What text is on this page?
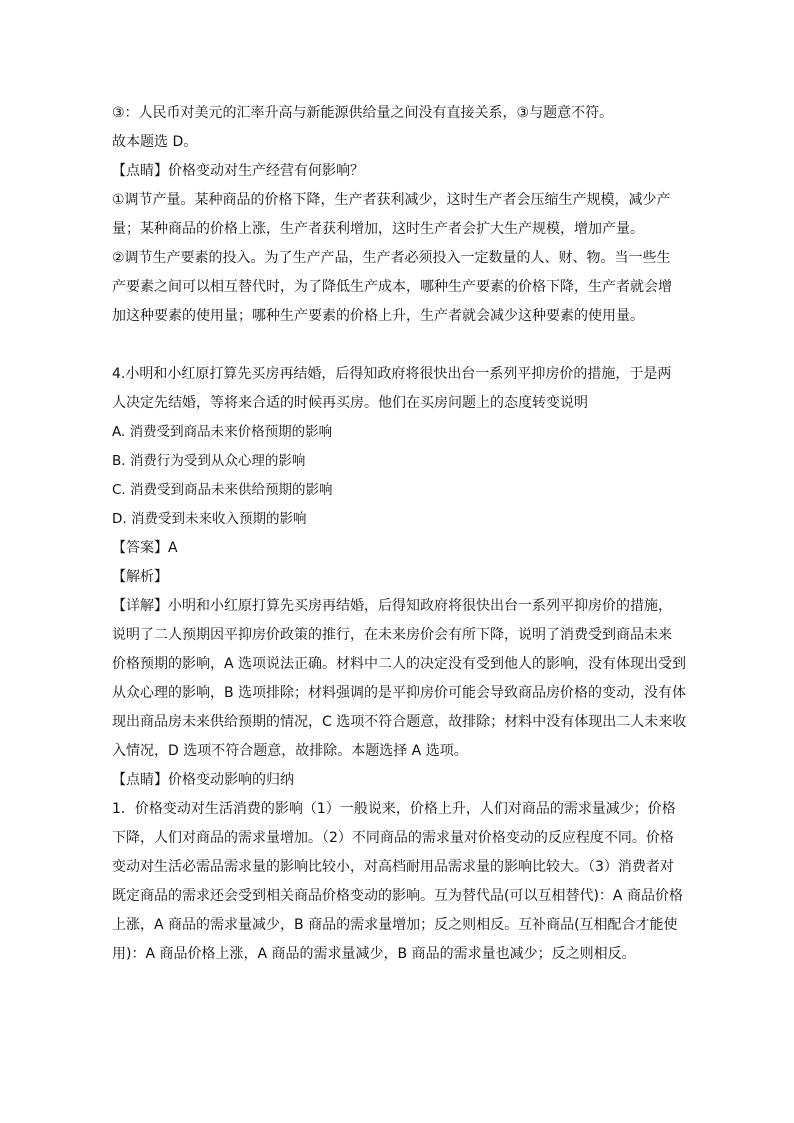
③：人民币对美元的汇率升高与新能源供给量之间没有直接关系，③与题意不符。

故本题选 D。

【点睛】价格变动对生产经营有何影响？

①调节产量。某种商品的价格下降，生产者获利减少，这时生产者会压缩生产规模，减少产

量；某种商品的价格上涨，生产者获利增加，这时生产者会扩大生产规模，增加产量。

②调节生产要素的投入。为了生产产品，生产者必须投入一定数量的人、财、物。当一些生

产要素之间可以相互替代时，为了降低生产成本，哪种生产要素的价格下降，生产者就会增

加这种要素的使用量；哪种生产要素的价格上升，生产者就会减少这种要素的使用量。

4.小明和小红原打算先买房再结婚，后得知政府将很快出台一系列平抑房价的措施，于是两

人决定先结婚，等将来合适的时候再买房。他们在买房问题上的态度转变说明

A. 消费受到商品未来价格预期的影响

B. 消费行为受到从众心理的影响

C. 消费受到商品未来供给预期的影响

D. 消费受到未来收入预期的影响

【答案】A

【解析】

【详解】小明和小红原打算先买房再结婚，后得知政府将很快出台一系列平抑房价的措施，

说明了二人预期因平抑房价政策的推行，在未来房价会有所下降，说明了消费受到商品未来

价格预期的影响，A 选项说法正确。材料中二人的决定没有受到他人的影响，没有体现出受到

从众心理的影响，B 选项排除；材料强调的是平抑房价可能会导致商品房价格的变动，没有体

现出商品房未来供给预期的情况，C 选项不符合题意，故排除；材料中没有体现出二人未来收

入情况，D 选项不符合题意，故排除。本题选择 A 选项。

【点睛】价格变动影响的归纳

1．价格变动对生活消费的影响（1）一般说来，价格上升，人们对商品的需求量减少；价格

下降，人们对商品的需求量增加。（2）不同商品的需求量对价格变动的反应程度不同。价格

变动对生活必需品需求量的影响比较小，对高档耐用品需求量的影响比较大。（3）消费者对

既定商品的需求还会受到相关商品价格变动的影响。互为替代品(可以互相替代)：A 商品价格

上涨，A 商品的需求量减少，B 商品的需求量增加；反之则相反。互补商品(互相配合才能使

用)：A 商品价格上涨，A 商品的需求量减少，B 商品的需求量也减少；反之则相反。
